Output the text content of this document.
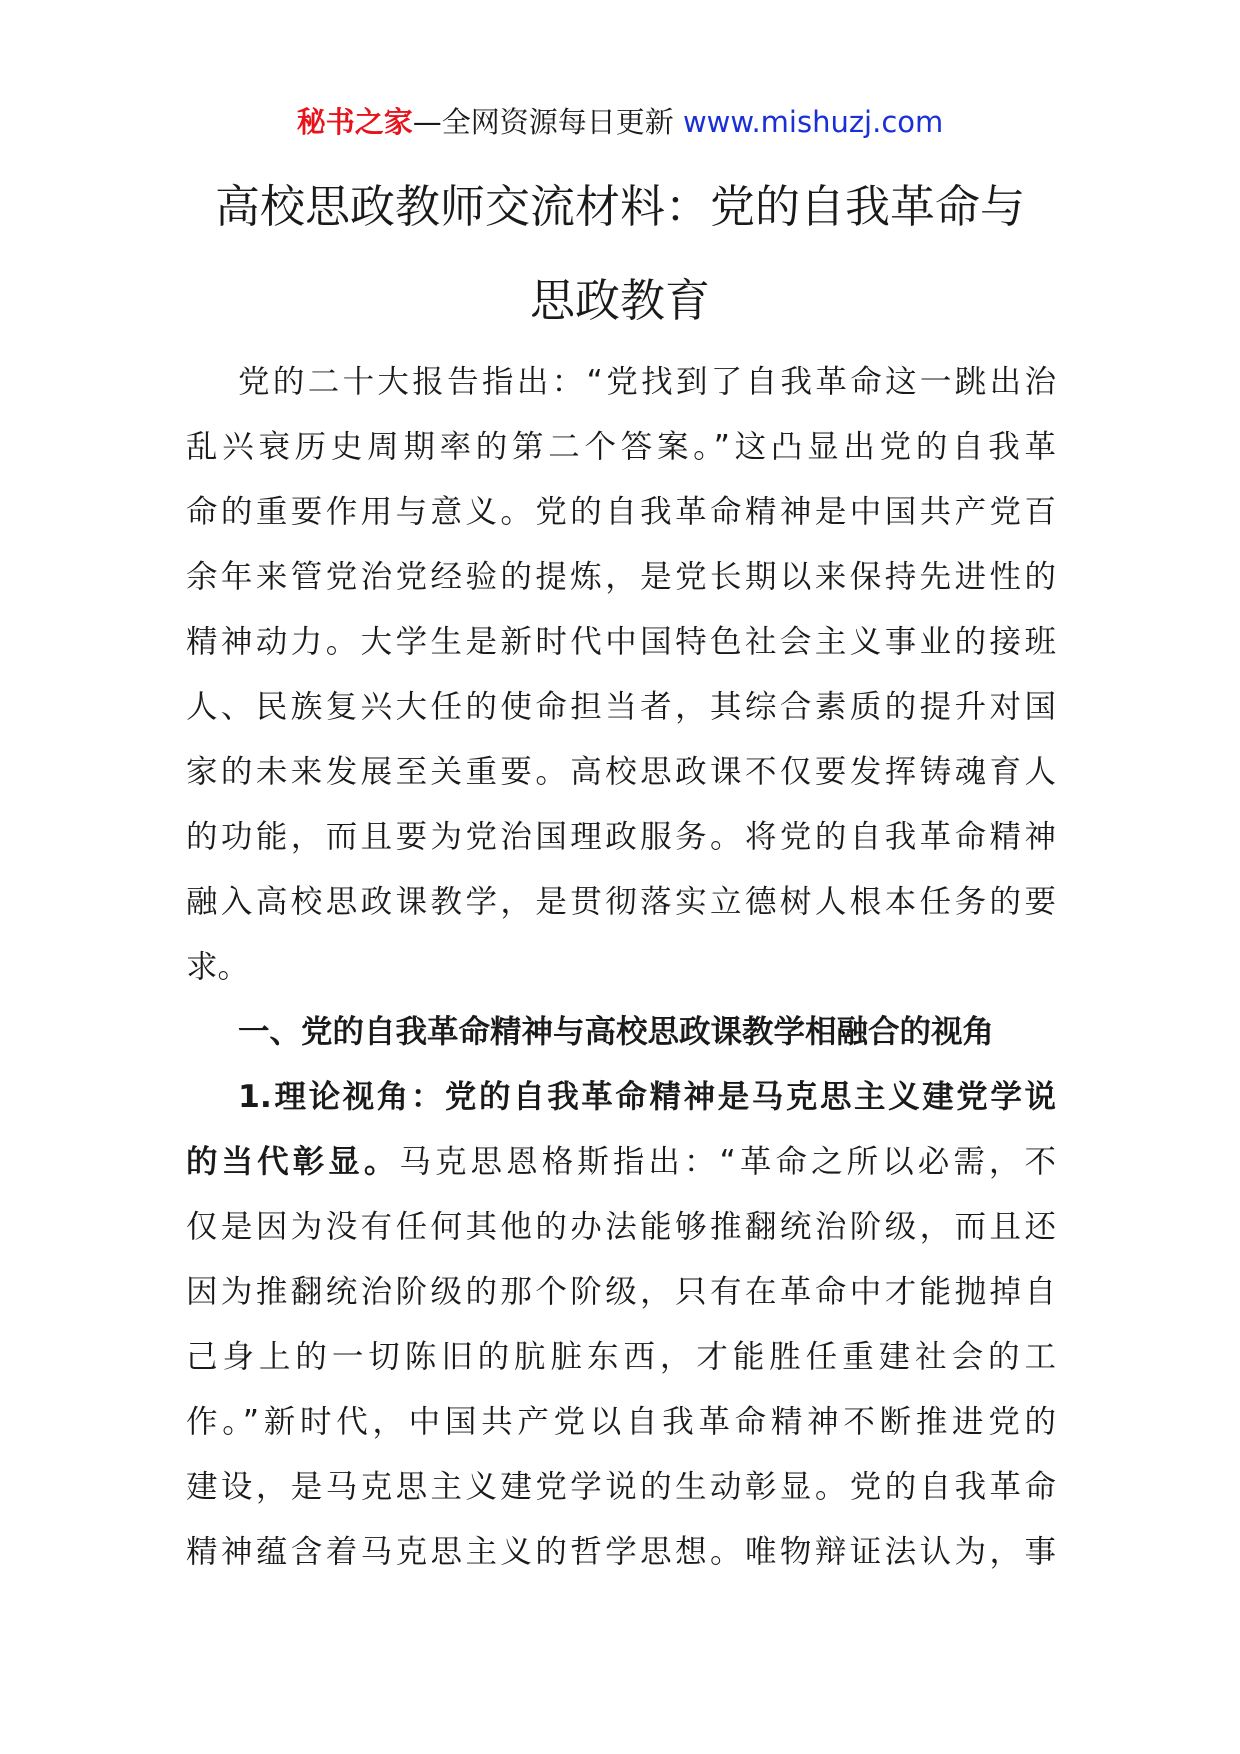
秘书之家—全网资源每日更新 www.mishuzj.com
高校思政教师交流材料：党的自我革命与
思政教育
党的二十大报告指出：“党找到了自我革命这一跳出治
乱兴衰历史周期率的第二个答案。”这凸显出党的自我革
命的重要作用与意义。党的自我革命精神是中国共产党百
余年来管党治党经验的提炼，是党长期以来保持先进性的
精神动力。大学生是新时代中国特色社会主义事业的接班
人、民族复兴大任的使命担当者，其综合素质的提升对国
家的未来发展至关重要。高校思政课不仅要发挥铸魂育人
的功能，而且要为党治国理政服务。将党的自我革命精神
融入高校思政课教学，是贯彻落实立德树人根本任务的要
求。
一、党的自我革命精神与高校思政课教学相融合的视角
1.理论视角：党的自我革命精神是马克思主义建党学说
的当代彰显。马克思恩格斯指出：“革命之所以必需，不
仅是因为没有任何其他的办法能够推翻统治阶级，而且还
因为推翻统治阶级的那个阶级，只有在革命中才能抛掉自
己身上的一切陈旧的肮脏东西，才能胜任重建社会的工
作。”新时代，中国共产党以自我革命精神不断推进党的
建设，是马克思主义建党学说的生动彰显。党的自我革命
精神蕴含着马克思主义的哲学思想。唯物辩证法认为，事
